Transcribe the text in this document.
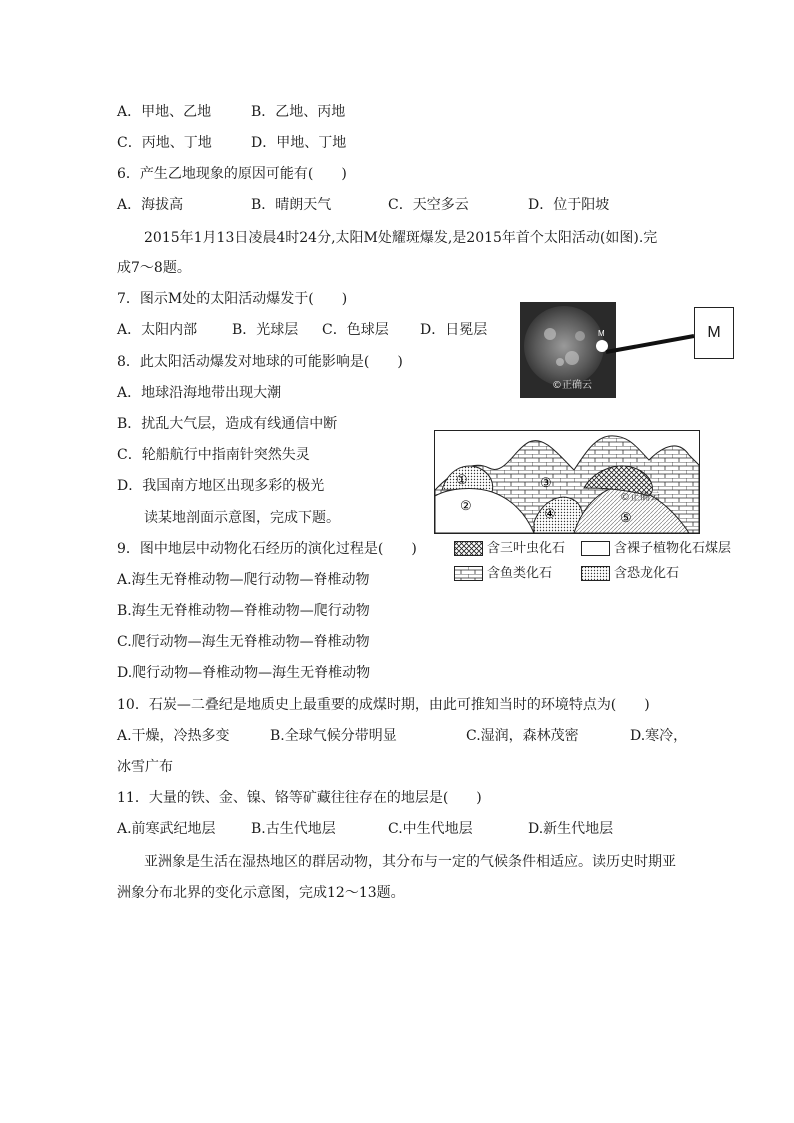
A．甲地、乙地	B．乙地、丙地
C．丙地、丁地	D．甲地、丁地
6．产生乙地现象的原因可能有(　　)
A．海拔高	B．晴朗天气	C．天空多云	D．位于阳坡
2015年1月13日凌晨4时24分,太阳M处耀斑爆发,是2015年首个太阳活动(如图).完
成7～8题。
7．图示M处的太阳活动爆发于(　　)
A．太阳内部 B．光球层 C．色球层 D．日冕层	M
©正确云
M
8．此太阳活动爆发对地球的可能影响是(　　)
A．地球沿海地带出现大潮
B．扰乱大气层，造成有线通信中断
C．轮船航行中指南针突然失灵
D．我国南方地区出现多彩的极光
读某地剖面示意图，完成下题。
①
②
③
④	⑤
©正确云
含三叶虫化石	含裸子植物化石煤层
含鱼类化石	含恐龙化石
9．图中地层中动物化石经历的演化过程是(　　)
A.海生无脊椎动物—爬行动物—脊椎动物
B.海生无脊椎动物—脊椎动物—爬行动物
C.爬行动物—海生无脊椎动物—脊椎动物
D.爬行动物—脊椎动物—海生无脊椎动物
10．石炭—二叠纪是地质史上最重要的成煤时期，由此可推知当时的环境特点为(　　)
A.干燥，冷热多变	B.全球气候分带明显	C.湿润，森林茂密	D.寒冷，
冰雪广布
11．大量的铁、金、镍、铬等矿藏往往存在的地层是(　　)
A.前寒武纪地层	B.古生代地层	C.中生代地层	D.新生代地层
亚洲象是生活在湿热地区的群居动物，其分布与一定的气候条件相适应。读历史时期亚
洲象分布北界的变化示意图，完成12～13题。
